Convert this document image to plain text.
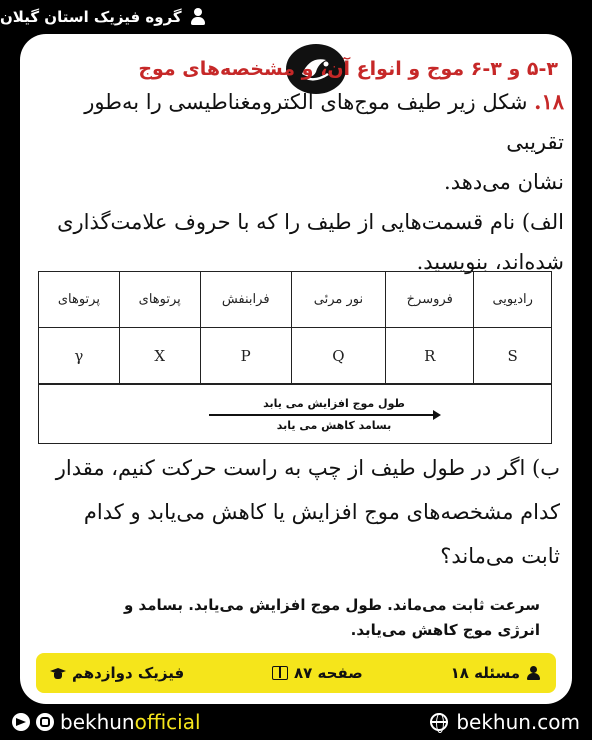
گروه فیزیک استان گیلان
۵-۳ و ۳-۶ موج و انواع آن، و مشخصه‌های موج
۱۸. شکل زیر طیف موج‌های الکترومغناطیسی را به‌طور تقریبی
نشان می‌دهد.
الف) نام قسمت‌هایی از طیف را که با حروف علامت‌گذاری
شده‌اند، بنویسید.
رادیویی	فروسرخ	نور مرئی	فرابنفش	پرتوهای	پرتوهای
S	R	Q	P	X	γ
طول موج افزایش می یابد
بسامد کاهش می یابد
ب) اگر در طول طیف از چپ به راست حرکت کنیم، مقدار
کدام مشخصه‌های موج افزایش یا کاهش می‌یابد و کدام
ثابت می‌ماند؟
سرعت ثابت می‌ماند. طول موج افزایش می‌یابد. بسامد و
انرژی موج کاهش می‌یابد.
مسئله ۱۸
صفحه ۸۷
فیزیک دوازدهم
bekhunofficial	bekhun.com
